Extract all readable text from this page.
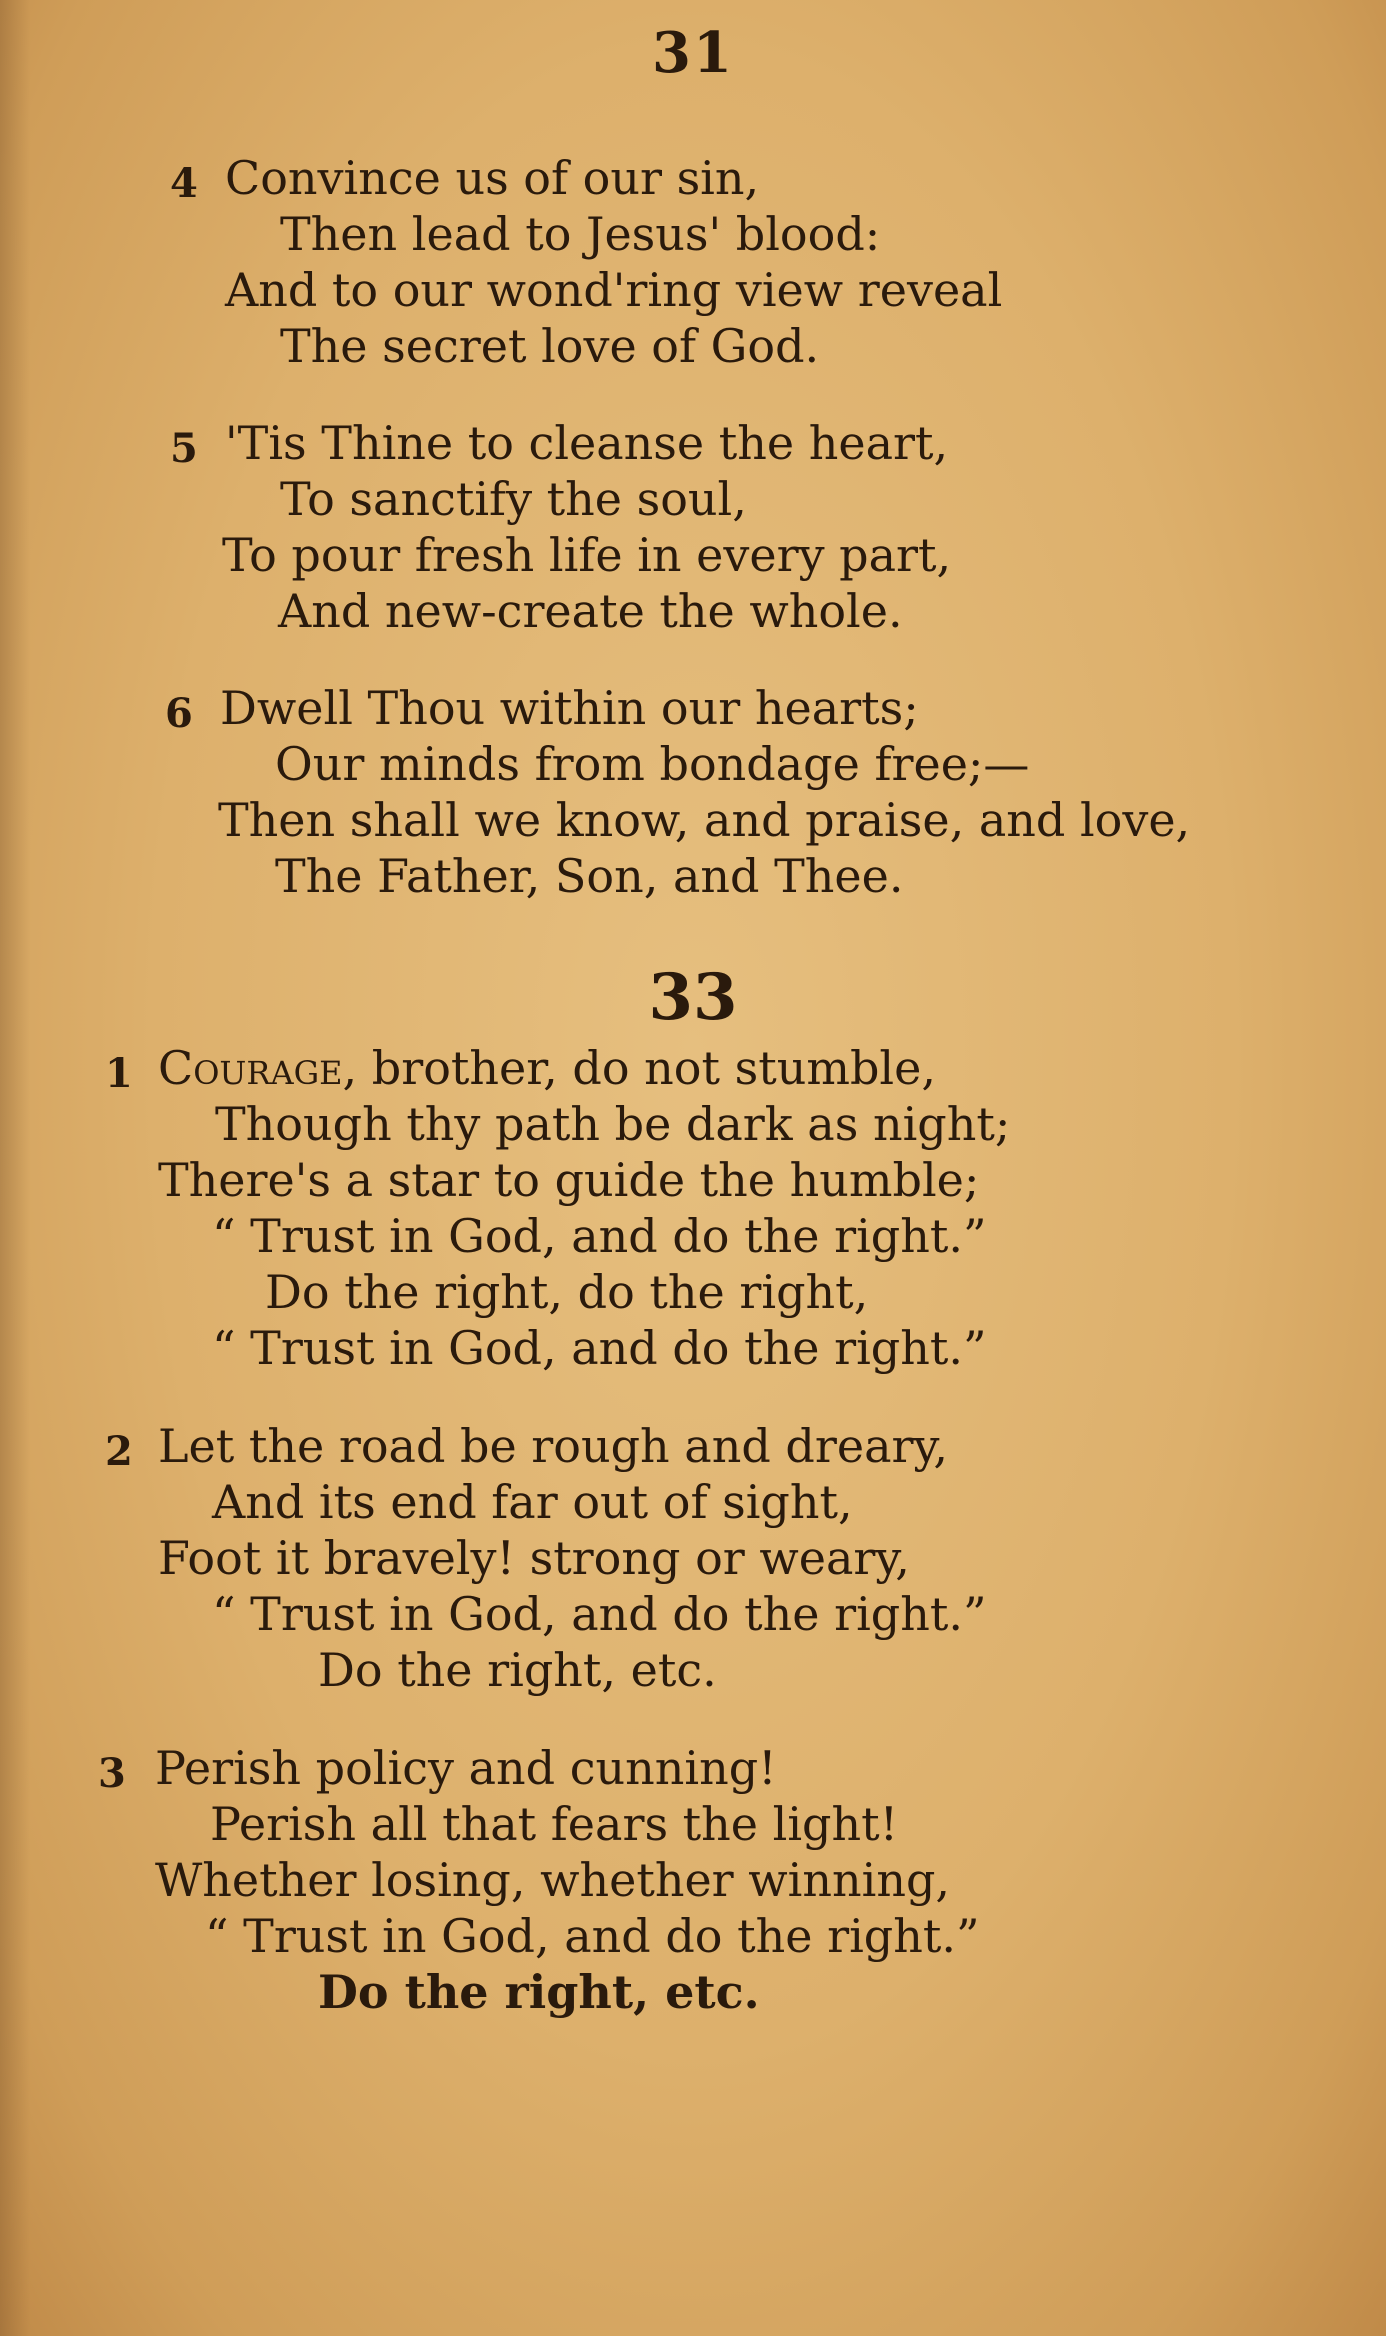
31
4 Convince us of our sin,
Then lead to Jesus' blood:
And to our wond'ring view reveal
The secret love of God.
5 'Tis Thine to cleanse the heart,
To sanctify the soul,
To pour fresh life in every part,
And new-create the whole.
6 Dwell Thou within our hearts;
Our minds from bondage free;—
Then shall we know, and praise, and love,
The Father, Son, and Thee.
33
1 Courage, brother, do not stumble,
Though thy path be dark as night;
There's a star to guide the humble;
“ Trust in God, and do the right.”
Do the right, do the right,
“ Trust in God, and do the right.”
2 Let the road be rough and dreary,
And its end far out of sight,
Foot it bravely! strong or weary,
“ Trust in God, and do the right.”
Do the right, etc.
3 Perish policy and cunning!
Perish all that fears the light!
Whether losing, whether winning,
“ Trust in God, and do the right.”
Do the right, etc.
